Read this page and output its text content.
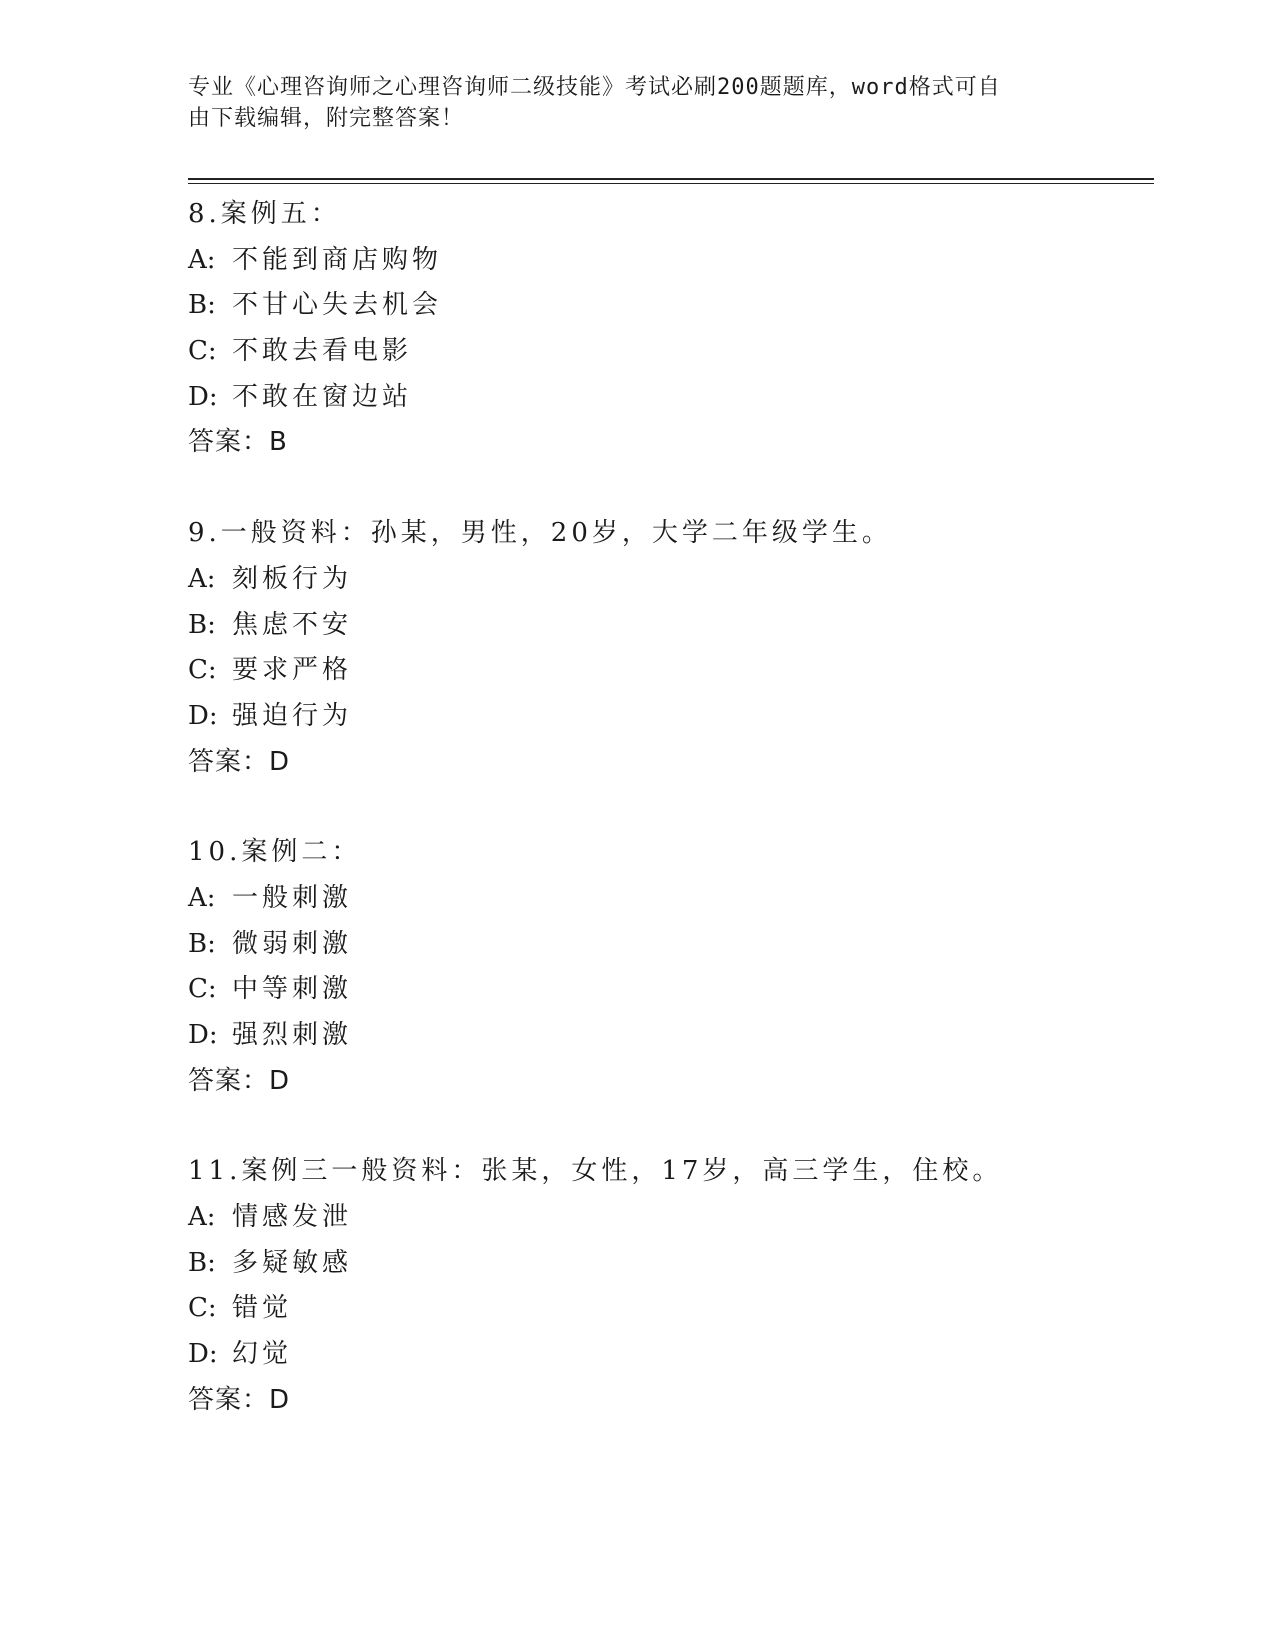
专业《心理咨询师之心理咨询师二级技能》考试必刷200题题库，word格式可自
由下载编辑，附完整答案！
8.案例五：
A: 不能到商店购物
B: 不甘心失去机会
C: 不敢去看电影
D: 不敢在窗边站
答案：B
9.一般资料：孙某，男性，20岁，大学二年级学生。
A: 刻板行为
B: 焦虑不安
C: 要求严格
D: 强迫行为
答案：D
10.案例二：
A: 一般刺激
B: 微弱刺激
C: 中等刺激
D: 强烈刺激
答案：D
11.案例三一般资料：张某，女性，17岁，高三学生，住校。
A: 情感发泄
B: 多疑敏感
C: 错觉
D: 幻觉
答案：D
